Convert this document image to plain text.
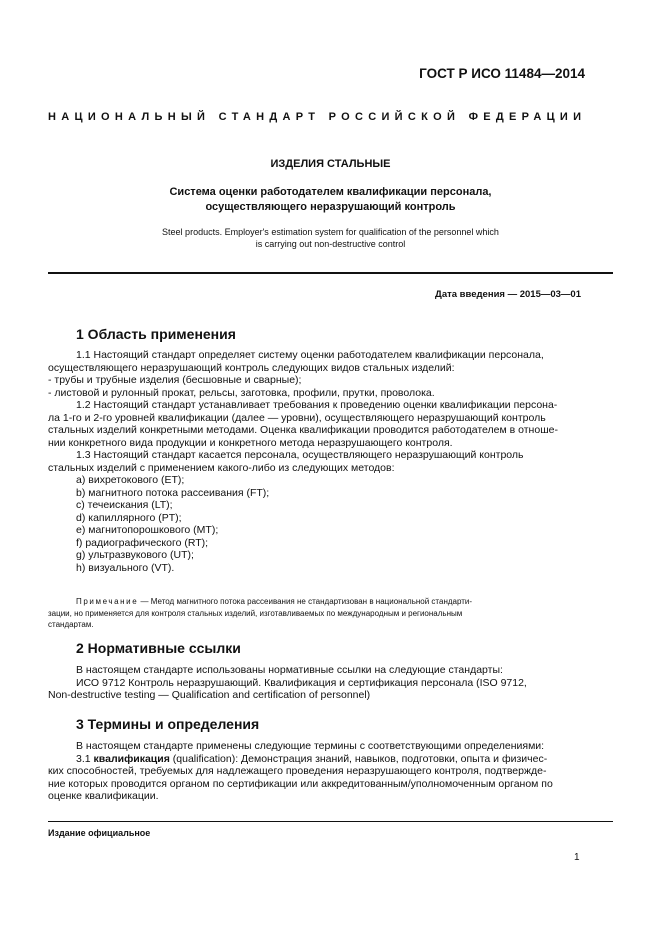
ГОСТ Р ИСО 11484—2014
НАЦИОНАЛЬНЫЙ СТАНДАРТ РОССИЙСКОЙ ФЕДЕРАЦИИ
ИЗДЕЛИЯ СТАЛЬНЫЕ
Система оценки работодателем квалификации персонала,
осуществляющего неразрушающий контроль
Steel products. Employer's estimation system for qualification of the personnel which
is carrying out non-destructive control
Дата введения — 2015—03—01
1 Область применения
1.1 Настоящий стандарт определяет систему оценки работодателем квалификации персонала,
осуществляющего неразрушающий контроль следующих видов стальных изделий:
- трубы и трубные изделия (бесшовные и сварные);
- листовой и рулонный прокат, рельсы, заготовка, профили, прутки, проволока.
1.2 Настоящий стандарт устанавливает требования к проведению оценки квалификации персона-
ла 1-го и 2-го уровней квалификации (далее — уровни), осуществляющего неразрушающий контроль
стальных изделий конкретными методами. Оценка квалификации проводится работодателем в отноше-
нии конкретного вида продукции и конкретного метода неразрушающего контроля.
1.3 Настоящий стандарт касается персонала, осуществляющего неразрушающий контроль
стальных изделий с применением какого-либо из следующих методов:
a) вихретокового (ET);
b) магнитного потока рассеивания (FT);
c) течеискания (LT);
d) капиллярного (PT);
e) магнитопорошкового (MT);
f) радиографического (RT);
g) ультразвукового (UT);
h) визуального (VT).
Примечание — Метод магнитного потока рассеивания не стандартизован в национальной стандарти-
зации, но применяется для контроля стальных изделий, изготавливаемых по международным и региональным
стандартам.
2 Нормативные ссылки
В настоящем стандарте использованы нормативные ссылки на следующие стандарты:
ИСО 9712 Контроль неразрушающий. Квалификация и сертификация персонала (ISO 9712,
Non-destructive testing — Qualification and certification of personnel)
3 Термины и определения
В настоящем стандарте применены следующие термины с соответствующими определениями:
3.1 квалификация (qualification): Демонстрация знаний, навыков, подготовки, опыта и физичес-
ких способностей, требуемых для надлежащего проведения неразрушающего контроля, подтвержде-
ние которых проводится органом по сертификации или аккредитованным/уполномоченным органом по
оценке квалификации.
Издание официальное
1
